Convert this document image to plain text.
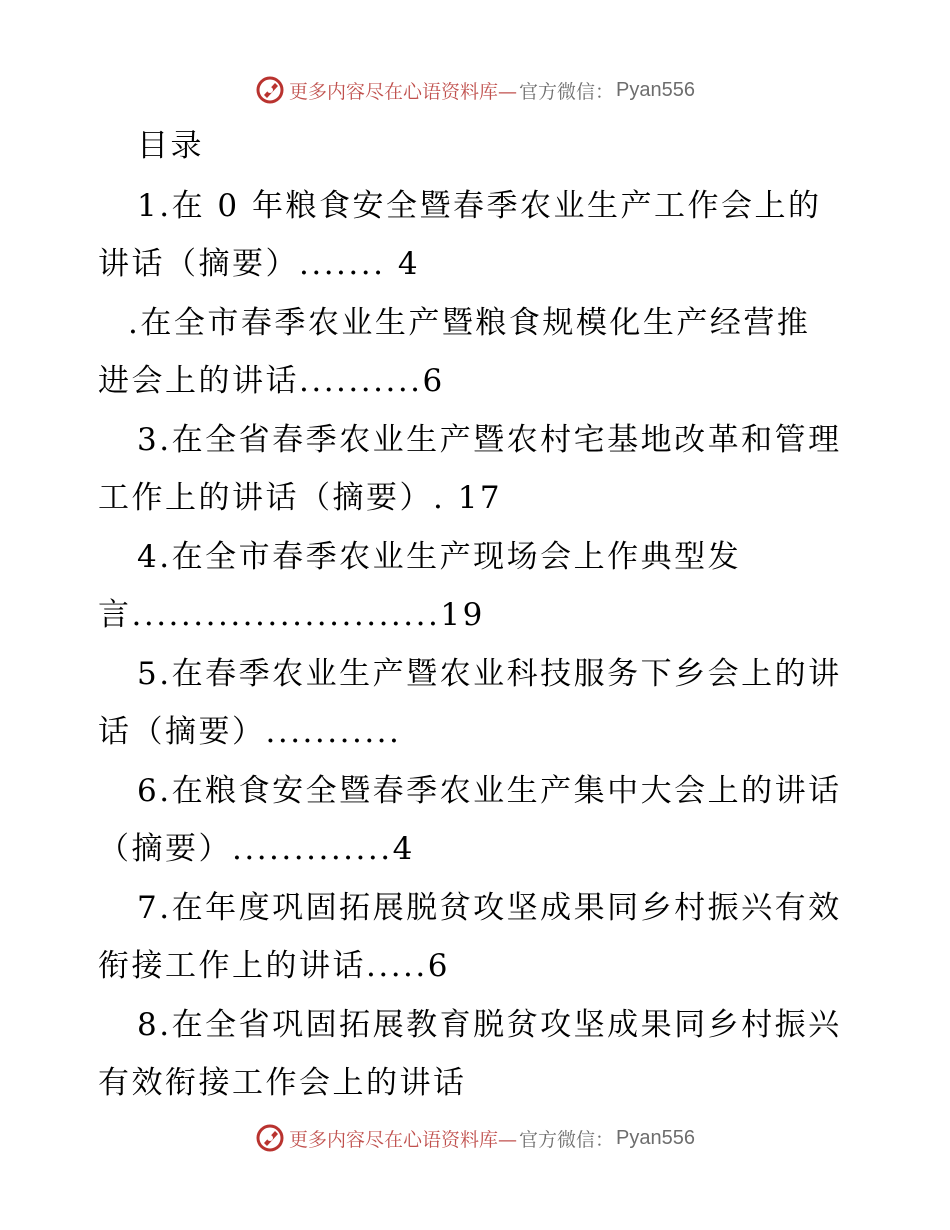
更多内容尽在心语资料库— 官方微信： Pyan556
目录
1.在 0 年粮食安全暨春季农业生产工作会上的
讲话（摘要）....... 4
.在全市春季农业生产暨粮食规模化生产经营推
进会上的讲话..........6
3.在全省春季农业生产暨农村宅基地改革和管理
工作上的讲话（摘要）. 17
4.在全市春季农业生产现场会上作典型发
言.........................19
5.在春季农业生产暨农业科技服务下乡会上的讲
话（摘要）...........
6.在粮食安全暨春季农业生产集中大会上的讲话
（摘要）.............4
7.在年度巩固拓展脱贫攻坚成果同乡村振兴有效
衔接工作上的讲话.....6
8.在全省巩固拓展教育脱贫攻坚成果同乡村振兴
有效衔接工作会上的讲话
更多内容尽在心语资料库— 官方微信： Pyan556
